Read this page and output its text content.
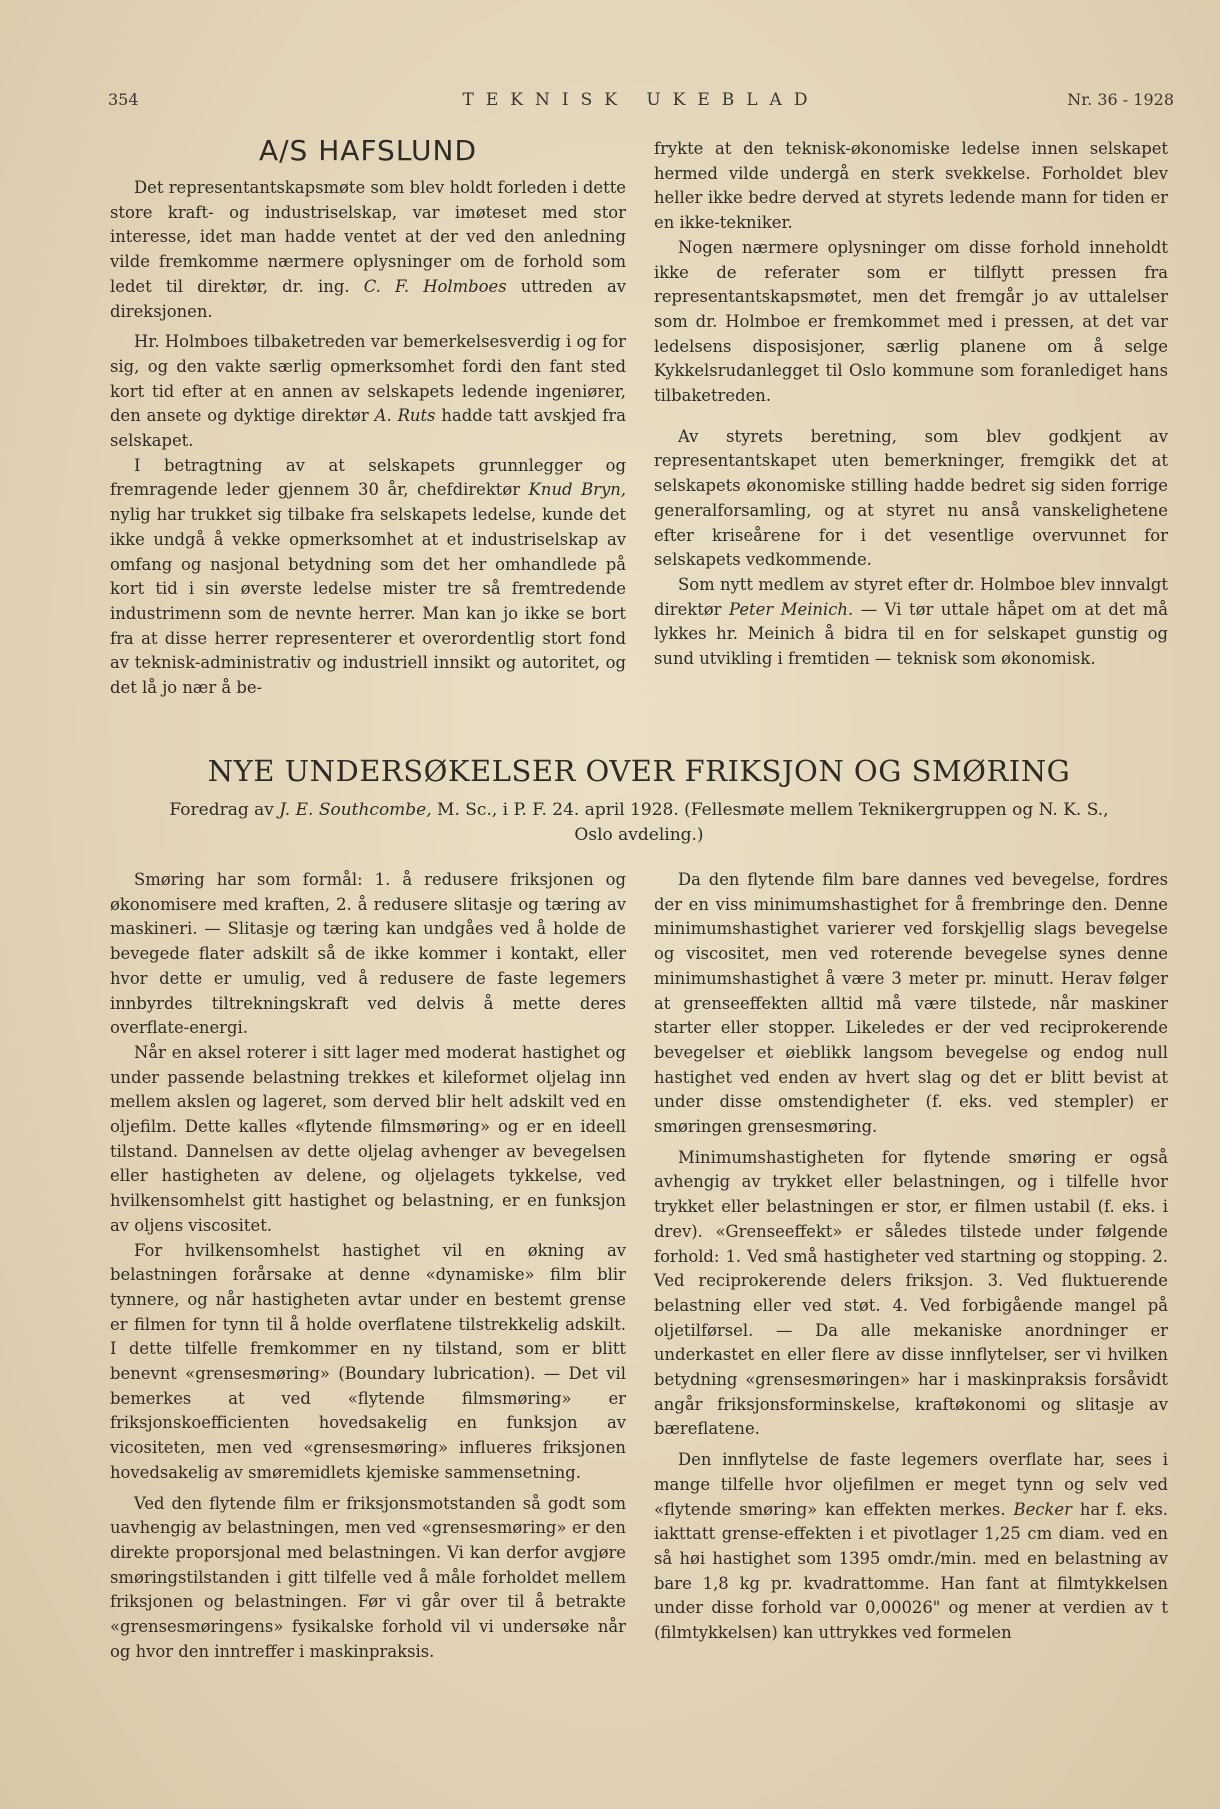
354	TEKNISK UKEBLAD	Nr. 36 - 1928
A/S HAFSLUND

Det representantskapsmøte som blev holdt forleden i dette store kraft- og industriselskap, var imøteset med stor interesse, idet man hadde ventet at der ved den anledning vilde fremkomme nærmere oplysninger om de forhold som ledet til direktør, dr. ing. C. F. Holmboes uttreden av direksjonen.

Hr. Holmboes tilbaketreden var bemerkelsesverdig i og for sig, og den vakte særlig opmerksomhet fordi den fant sted kort tid efter at en annen av selskapets ledende ingeniører, den ansete og dyktige direktør A. Ruts hadde tatt avskjed fra selskapet.

I betragtning av at selskapets grunnlegger og fremragende leder gjennem 30 år, chefdirektør Knud Bryn, nylig har trukket sig tilbake fra selskapets ledelse, kunde det ikke undgå å vekke opmerksomhet at et industriselskap av omfang og nasjonal betydning som det her omhandlede på kort tid i sin øverste ledelse mister tre så fremtredende industrimenn som de nevnte herrer. Man kan jo ikke se bort fra at disse herrer representerer et overordentlig stort fond av teknisk-administrativ og industriell innsikt og autoritet, og det lå jo nær å be-

frykte at den teknisk-økonomiske ledelse innen selskapet hermed vilde undergå en sterk svekkelse. Forholdet blev heller ikke bedre derved at styrets ledende mann for tiden er en ikke-tekniker.

Nogen nærmere oplysninger om disse forhold inneholdt ikke de referater som er tilflytt pressen fra representantskapsmøtet, men det fremgår jo av uttalelser som dr. Holmboe er fremkommet med i pressen, at det var ledelsens disposisjoner, særlig planene om å selge Kykkelsrudanlegget til Oslo kommune som foranlediget hans tilbaketreden.

Av styrets beretning, som blev godkjent av representantskapet uten bemerkninger, fremgikk det at selskapets økonomiske stilling hadde bedret sig siden forrige generalforsamling, og at styret nu anså vanskelighetene efter kriseårene for i det vesentlige overvunnet for selskapets vedkommende.

Som nytt medlem av styret efter dr. Holmboe blev innvalgt direktør Peter Meinich. — Vi tør uttale håpet om at det må lykkes hr. Meinich å bidra til en for selskapet gunstig og sund utvikling i fremtiden — teknisk som økonomisk.

NYE UNDERSØKELSER OVER FRIKSJON OG SMØRING
Foredrag av J. E. Southcombe, M. Sc., i P. F. 24. april 1928. (Fellesmøte mellem Teknikergruppen og N. K. S.,
Oslo avdeling.)

Smøring har som formål: 1. å redusere friksjonen og økonomisere med kraften, 2. å redusere slitasje og tæring av maskineri. — Slitasje og tæring kan undgåes ved å holde de bevegede flater adskilt så de ikke kommer i kontakt, eller hvor dette er umulig, ved å redusere de faste legemers innbyrdes tiltrekningskraft ved delvis å mette deres overflate-energi.

Når en aksel roterer i sitt lager med moderat hastighet og under passende belastning trekkes et kileformet oljelag inn mellem akslen og lageret, som derved blir helt adskilt ved en oljefilm. Dette kalles «flytende filmsmøring» og er en ideell tilstand. Dannelsen av dette oljelag avhenger av bevegelsen eller hastigheten av delene, og oljelagets tykkelse, ved hvilkensomhelst gitt hastighet og belastning, er en funksjon av oljens viscositet.

For hvilkensomhelst hastighet vil en økning av belastningen forårsake at denne «dynamiske» film blir tynnere, og når hastigheten avtar under en bestemt grense er filmen for tynn til å holde overflatene tilstrekkelig adskilt. I dette tilfelle fremkommer en ny tilstand, som er blitt benevnt «grensesmøring» (Boundary lubrication). — Det vil bemerkes at ved «flytende filmsmøring» er friksjonskoefficienten hovedsakelig en funksjon av vicositeten, men ved «grensesmøring» influeres friksjonen hovedsakelig av smøremidlets kjemiske sammensetning.

Ved den flytende film er friksjonsmotstanden så godt som uavhengig av belastningen, men ved «grensesmøring» er den direkte proporsjonal med belastningen. Vi kan derfor avgjøre smøringstilstanden i gitt tilfelle ved å måle forholdet mellem friksjonen og belastningen. Før vi går over til å betrakte «grensesmøringens» fysikalske forhold vil vi undersøke når og hvor den inntreffer i maskinpraksis.

Da den flytende film bare dannes ved bevegelse, fordres der en viss minimumshastighet for å frembringe den. Denne minimumshastighet varierer ved forskjellig slags bevegelse og viscositet, men ved roterende bevegelse synes denne minimumshastighet å være 3 meter pr. minutt. Herav følger at grenseeffekten alltid må være tilstede, når maskiner starter eller stopper. Likeledes er der ved reciprokerende bevegelser et øieblikk langsom bevegelse og endog null hastighet ved enden av hvert slag og det er blitt bevist at under disse omstendigheter (f. eks. ved stempler) er smøringen grensesmøring.

Minimumshastigheten for flytende smøring er også avhengig av trykket eller belastningen, og i tilfelle hvor trykket eller belastningen er stor, er filmen ustabil (f. eks. i drev). «Grenseeffekt» er således tilstede under følgende forhold: 1. Ved små hastigheter ved startning og stopping. 2. Ved reciprokerende delers friksjon. 3. Ved fluktuerende belastning eller ved støt. 4. Ved forbigående mangel på oljetilførsel. — Da alle mekaniske anordninger er underkastet en eller flere av disse innflytelser, ser vi hvilken betydning «grensesmøringen» har i maskinpraksis forsåvidt angår friksjonsforminskelse, kraftøkonomi og slitasje av bæreflatene.

Den innflytelse de faste legemers overflate har, sees i mange tilfelle hvor oljefilmen er meget tynn og selv ved «flytende smøring» kan effekten merkes. Becker har f. eks. iakttatt grense-effekten i et pivotlager 1,25 cm diam. ved en så høi hastighet som 1395 omdr./min. med en belastning av bare 1,8 kg pr. kvadrattomme. Han fant at filmtykkelsen under disse forhold var 0,00026" og mener at verdien av t (filmtykkelsen) kan uttrykkes ved formelen
